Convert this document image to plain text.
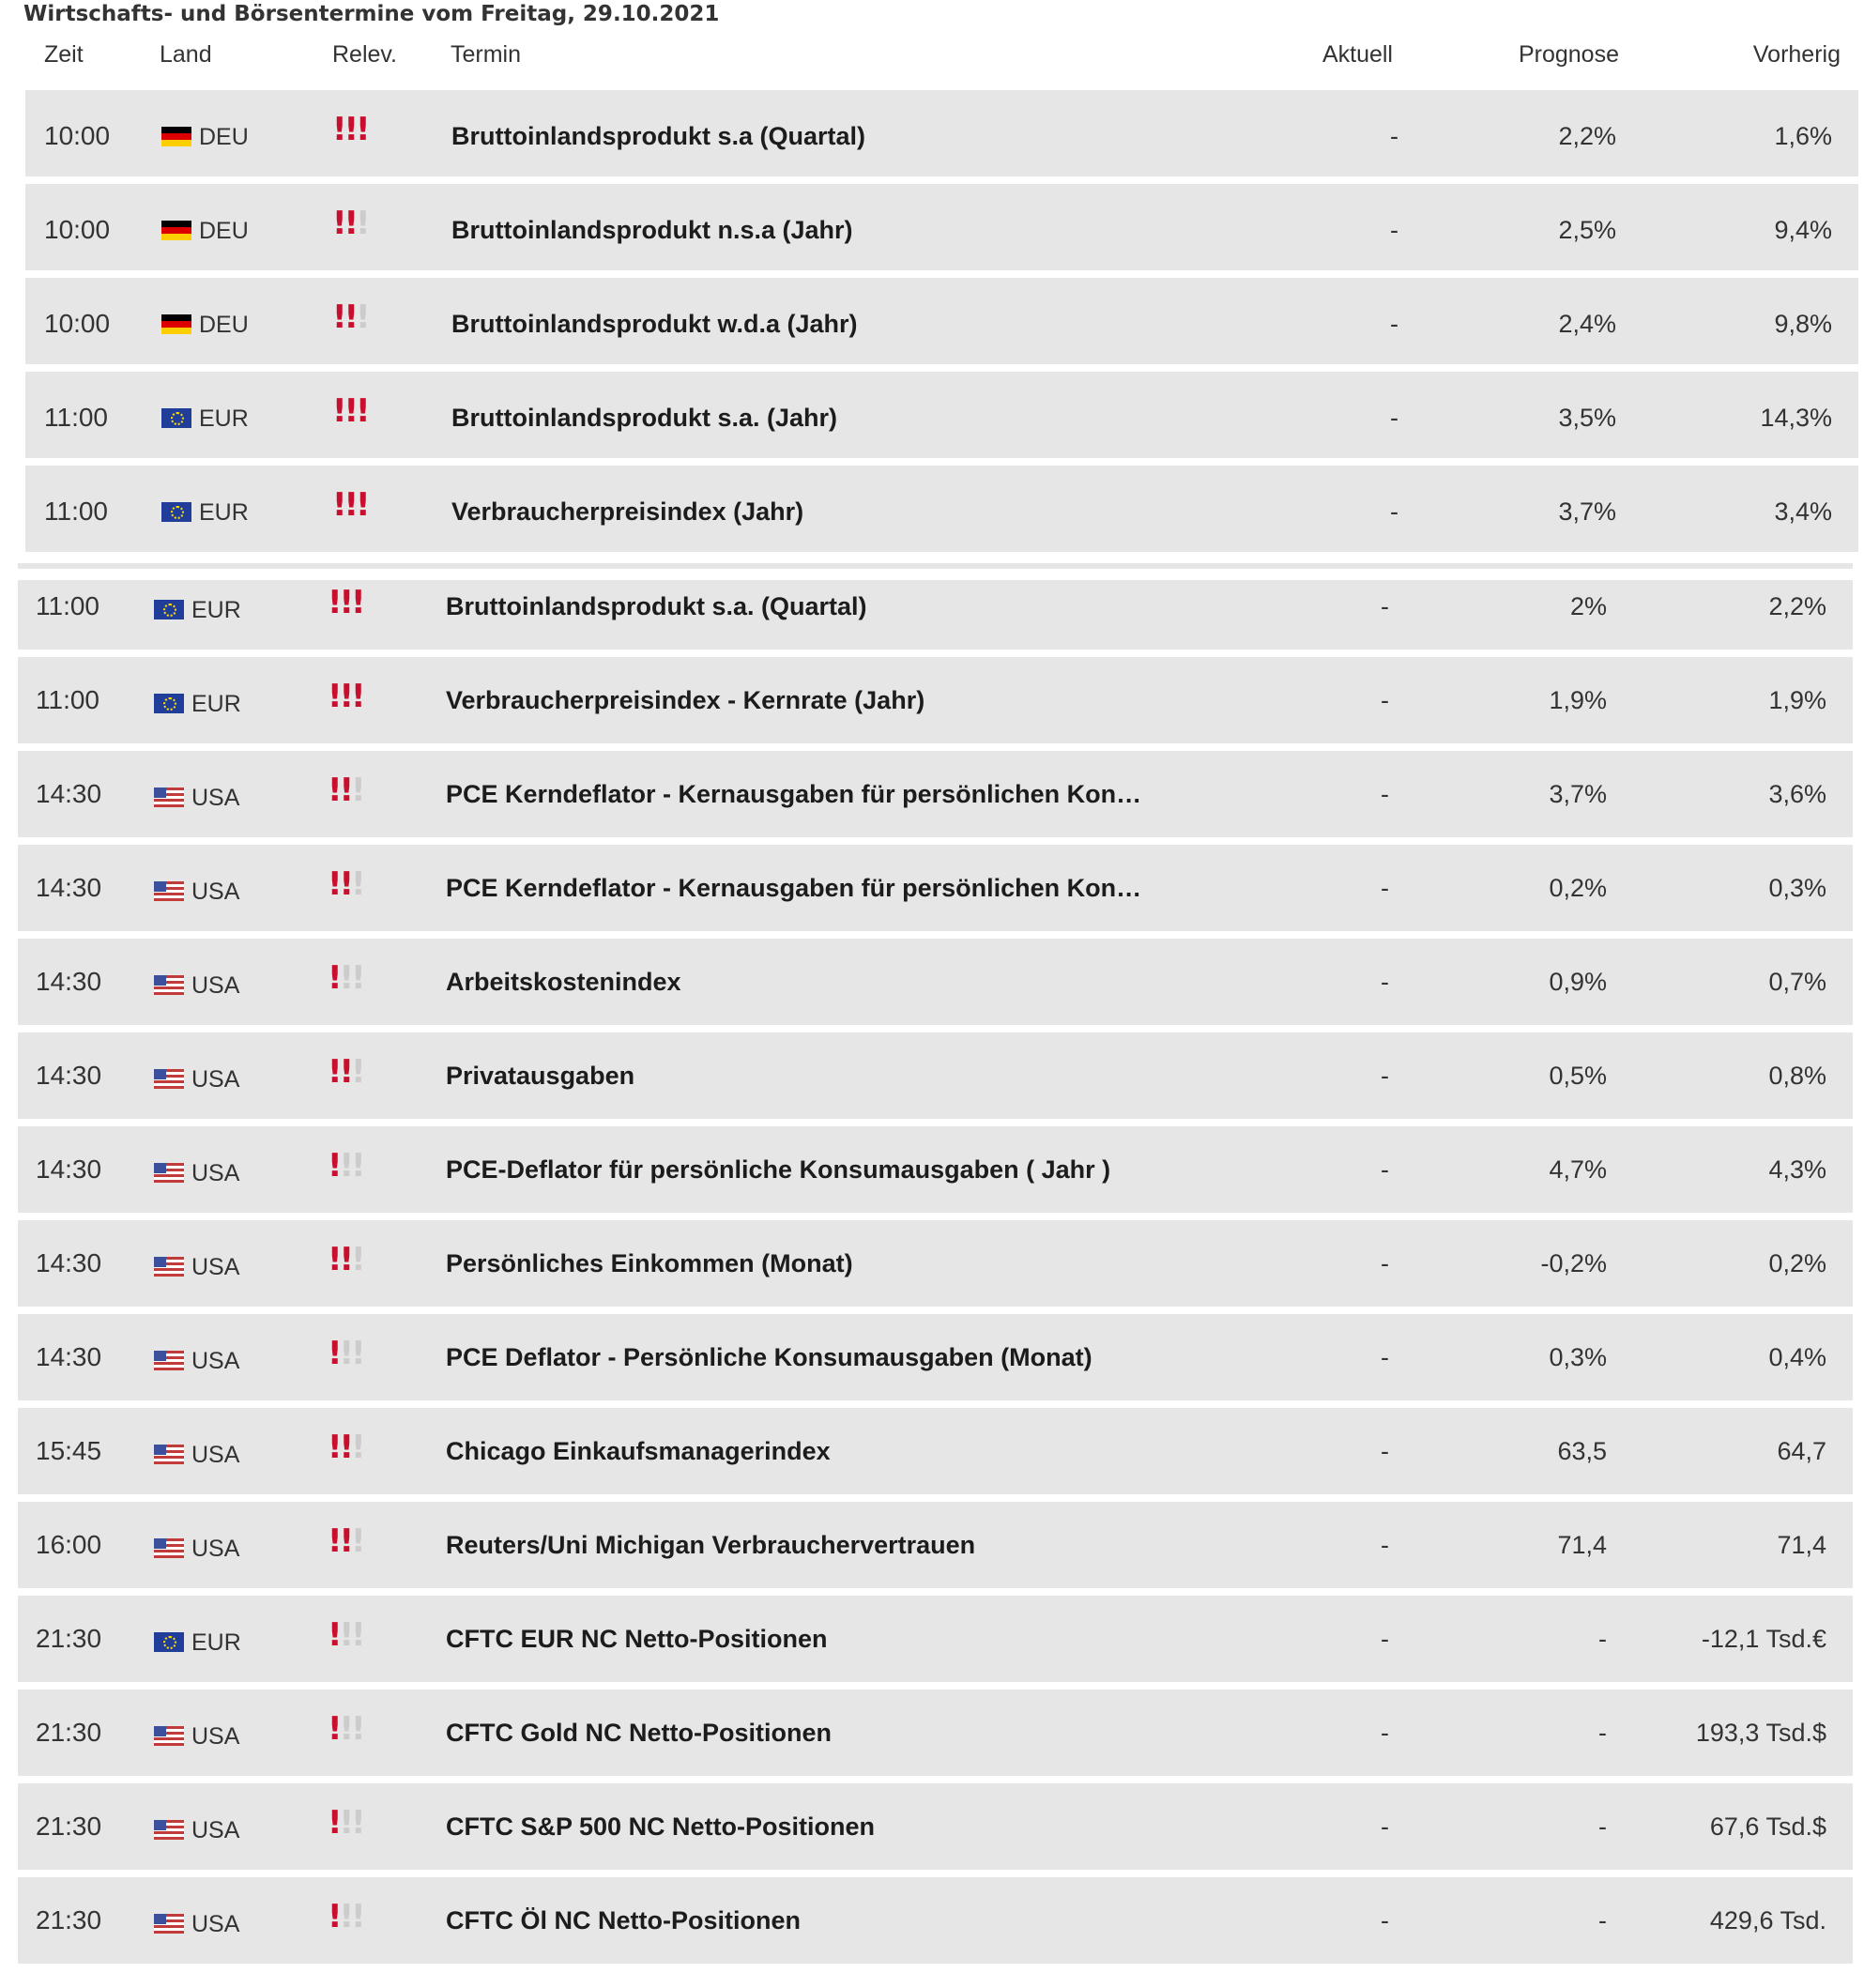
Wirtschafts- und Börsentermine vom Freitag, 29.10.2021
Zeit	Land	Relev. Termin	Aktuell	Prognose	Vorherig
10:00	DEU	!!!	Bruttoinlandsprodukt s.a (Quartal)	-	2,2%	1,6%
10:00	DEU	!!!	Bruttoinlandsprodukt n.s.a (Jahr)	-	2,5%	9,4%
10:00	DEU	!!!	Bruttoinlandsprodukt w.d.a (Jahr)	-	2,4%	9,8%
11:00	EUR	!!!	Bruttoinlandsprodukt s.a. (Jahr)	-	3,5%	14,3%
11:00	EUR	!!!	Verbraucherpreisindex (Jahr)	-	3,7%	3,4%
11:00	EUR	!!!	Bruttoinlandsprodukt s.a. (Quartal)	-	2%	2,2%
11:00	EUR	!!!	Verbraucherpreisindex - Kernrate (Jahr)	-	1,9%	1,9%
14:30	USA	!!!	PCE Kerndeflator - Kernausgaben für persönlichen Kon…	-	3,7%	3,6%
14:30	USA	!!!	PCE Kerndeflator - Kernausgaben für persönlichen Kon…	-	0,2%	0,3%
14:30	USA	!!!	Arbeitskostenindex	-	0,9%	0,7%
14:30	USA	!!!	Privatausgaben	-	0,5%	0,8%
14:30	USA	!!!	PCE-Deflator für persönliche Konsumausgaben ( Jahr )	-	4,7%	4,3%
14:30	USA	!!!	Persönliches Einkommen (Monat)	-	-0,2%	0,2%
14:30	USA	!!!	PCE Deflator - Persönliche Konsumausgaben (Monat)	-	0,3%	0,4%
15:45	USA	!!!	Chicago Einkaufsmanagerindex	-	63,5	64,7
16:00	USA	!!!	Reuters/Uni Michigan Verbrauchervertrauen	-	71,4	71,4
21:30	EUR	!!!	CFTC EUR NC Netto-Positionen	-	-	-12,1 Tsd.€
21:30	USA	!!!	CFTC Gold NC Netto-Positionen	-	-	193,3 Tsd.$
21:30	USA	!!!	CFTC S&P 500 NC Netto-Positionen	-	-	67,6 Tsd.$
21:30	USA	!!!	CFTC Öl NC Netto-Positionen	-	-	429,6 Tsd.
